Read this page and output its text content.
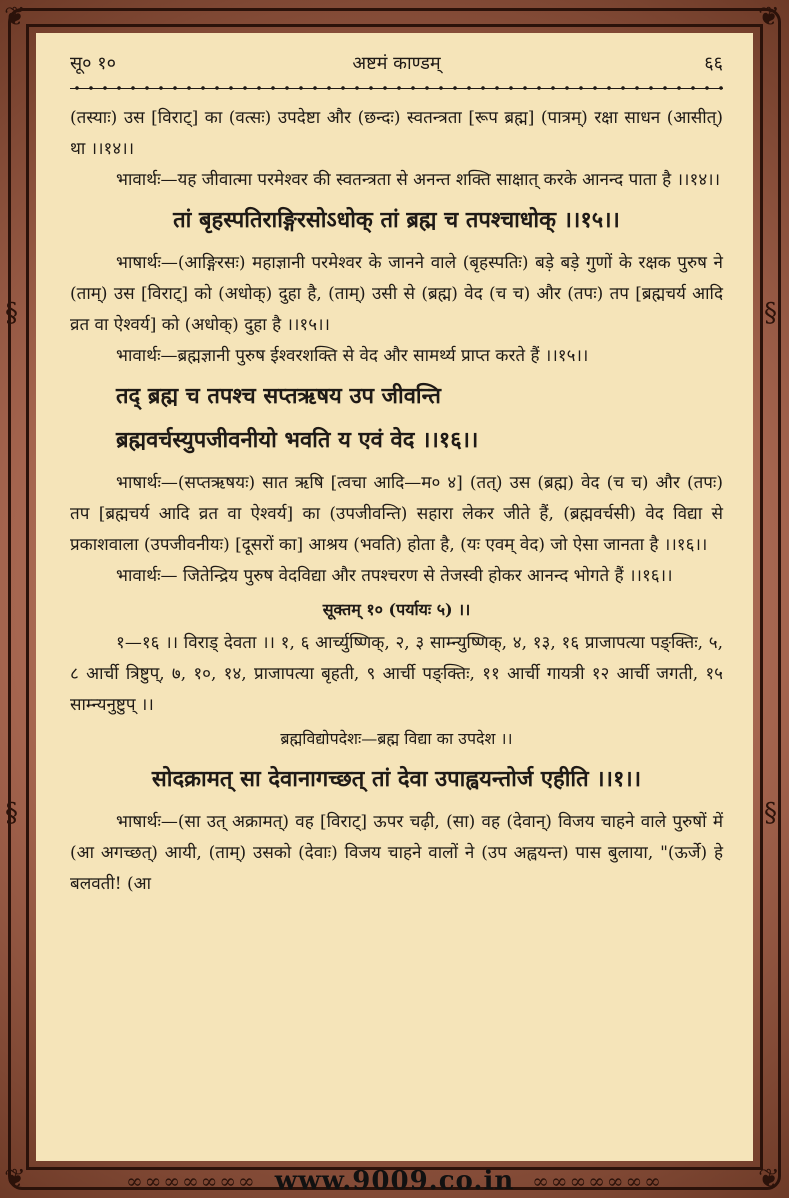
❦	❦
❦	❦
§
§
§
§
सू० १०	अष्टमं काण्डम्	६६

(तस्याः) उस [विराट्] का (वत्सः) उपदेष्टा और (छन्दः) स्वतन्त्रता [रूप ब्रह्म] (पात्रम्) रक्षा साधन (आसीत्) था ।।१४।।

भावार्थः—यह जीवात्मा परमेश्वर की स्वतन्त्रता से अनन्त शक्ति साक्षात् करके आनन्द पाता है ।।१४।।

तां बृहस्पतिराङ्गिरसोऽधोक् तां ब्रह्म च तपश्चाधोक् ।।१५।।

भाषार्थः—(आङ्गिरसः) महाज्ञानी परमेश्वर के जानने वाले (बृहस्पतिः) बड़े बड़े गुणों के रक्षक पुरुष ने (ताम्) उस [विराट्] को (अधोक्) दुहा है, (ताम्) उसी से (ब्रह्म) वेद (च च) और (तपः) तप [ब्रह्मचर्य आदि व्रत वा ऐश्वर्य] को (अधोक्) दुहा है ।।१५।।

भावार्थः—ब्रह्मज्ञानी पुरुष ईश्वरशक्ति से वेद और सामर्थ्य प्राप्त करते हैं ।।१५।।

तद् ब्रह्म च तपश्च सप्तऋषय उप जीवन्ति
ब्रह्मवर्चस्युपजीवनीयो भवति य एवं वेद ।।१६।।

भाषार्थः—(सप्तऋषयः) सात ऋषि [त्वचा आदि—म० ४] (तत्) उस (ब्रह्म) वेद (च च) और (तपः) तप [ब्रह्मचर्य आदि व्रत वा ऐश्वर्य] का (उपजीवन्ति) सहारा लेकर जीते हैं, (ब्रह्मवर्चसी) वेद विद्या से प्रकाशवाला (उपजीवनीयः) [दूसरों का] आश्रय (भवति) होता है, (यः एवम् वेद) जो ऐसा जानता है ।।१६।।

भावार्थः— जितेन्द्रिय पुरुष वेदविद्या और तपश्चरण से तेजस्वी होकर आनन्द भोगते हैं ।।१६।।

सूक्तम् १० (पर्यायः ५) ।।

१—१६ ।। विराड् देवता ।। १, ६ आर्च्युष्णिक्, २, ३ साम्न्युष्णिक्, ४, १३, १६ प्राजापत्या पङ्क्तिः, ५, ८ आर्ची त्रिष्टुप्, ७, १०, १४, प्राजापत्या बृहती, ९ आर्ची पङ्क्तिः, ११ आर्ची गायत्री १२ आर्ची जगती, १५ साम्न्यनुष्टुप् ।।

ब्रह्मविद्योपदेशः—ब्रह्म विद्या का उपदेश ।।
सोदक्रामत् सा देवानागच्छत् तां देवा उपाह्वयन्तोर्ज एहीति ।।१।।

भाषार्थः—(सा उत् अक्रामत्) वह [विराट्] ऊपर चढ़ी, (सा) वह (देवान्) विजय चाहने वाले पुरुषों में (आ अगच्छत्) आयी, (ताम्) उसको (देवाः) विजय चाहने वालों ने (उप अह्वयन्त) पास बुलाया, "(ऊर्जे) हे बलवती! (आ

∞∞∞∞∞∞∞ www.9009.co.in ∞∞∞∞∞∞∞
